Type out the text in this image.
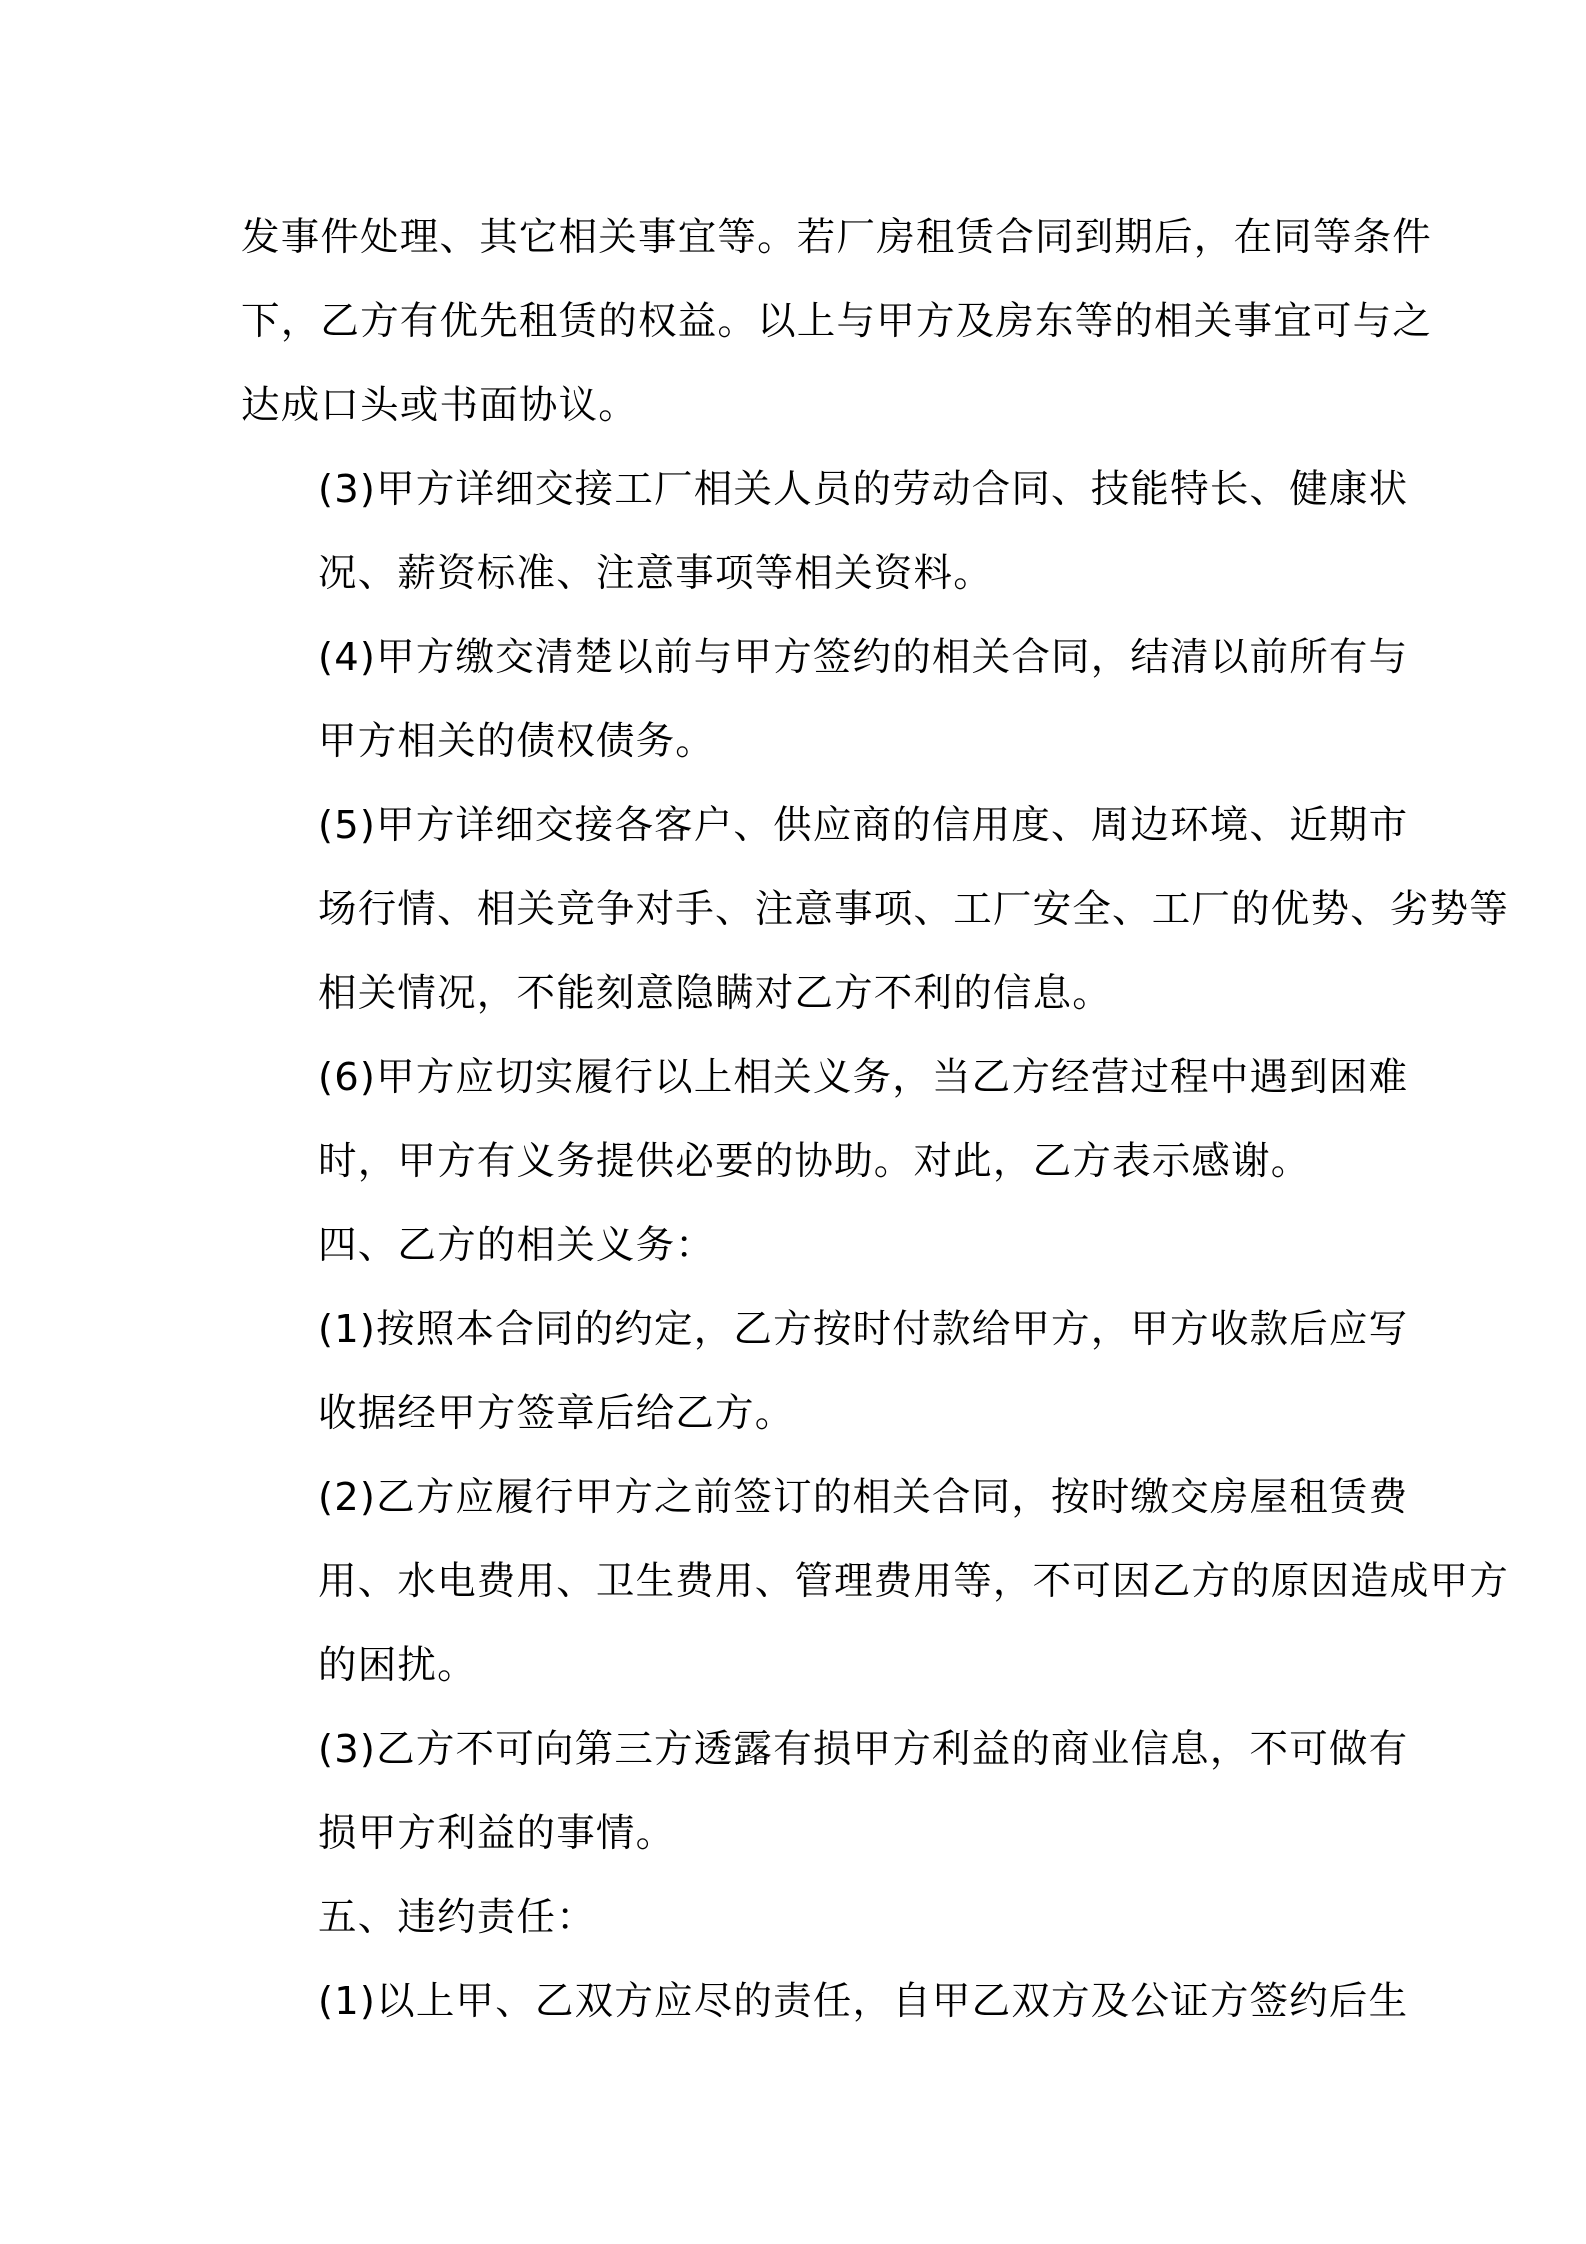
发事件处理、其它相关事宜等。若厂房租赁合同到期后，在同等条件
下，乙方有优先租赁的权益。以上与甲方及房东等的相关事宜可与之
达成口头或书面协议。

(3)甲方详细交接工厂相关人员的劳动合同、技能特长、健康状
况、薪资标准、注意事项等相关资料。

(4)甲方缴交清楚以前与甲方签约的相关合同，结清以前所有与
甲方相关的债权债务。

(5)甲方详细交接各客户、供应商的信用度、周边环境、近期市
场行情、相关竞争对手、注意事项、工厂安全、工厂的优势、劣势等
相关情况，不能刻意隐瞒对乙方不利的信息。

(6)甲方应切实履行以上相关义务，当乙方经营过程中遇到困难
时，甲方有义务提供必要的协助。对此，乙方表示感谢。

四、乙方的相关义务：

(1)按照本合同的约定，乙方按时付款给甲方，甲方收款后应写
收据经甲方签章后给乙方。

(2)乙方应履行甲方之前签订的相关合同，按时缴交房屋租赁费
用、水电费用、卫生费用、管理费用等，不可因乙方的原因造成甲方
的困扰。

(3)乙方不可向第三方透露有损甲方利益的商业信息，不可做有
损甲方利益的事情。

五、违约责任：

(1)以上甲、乙双方应尽的责任，自甲乙双方及公证方签约后生
